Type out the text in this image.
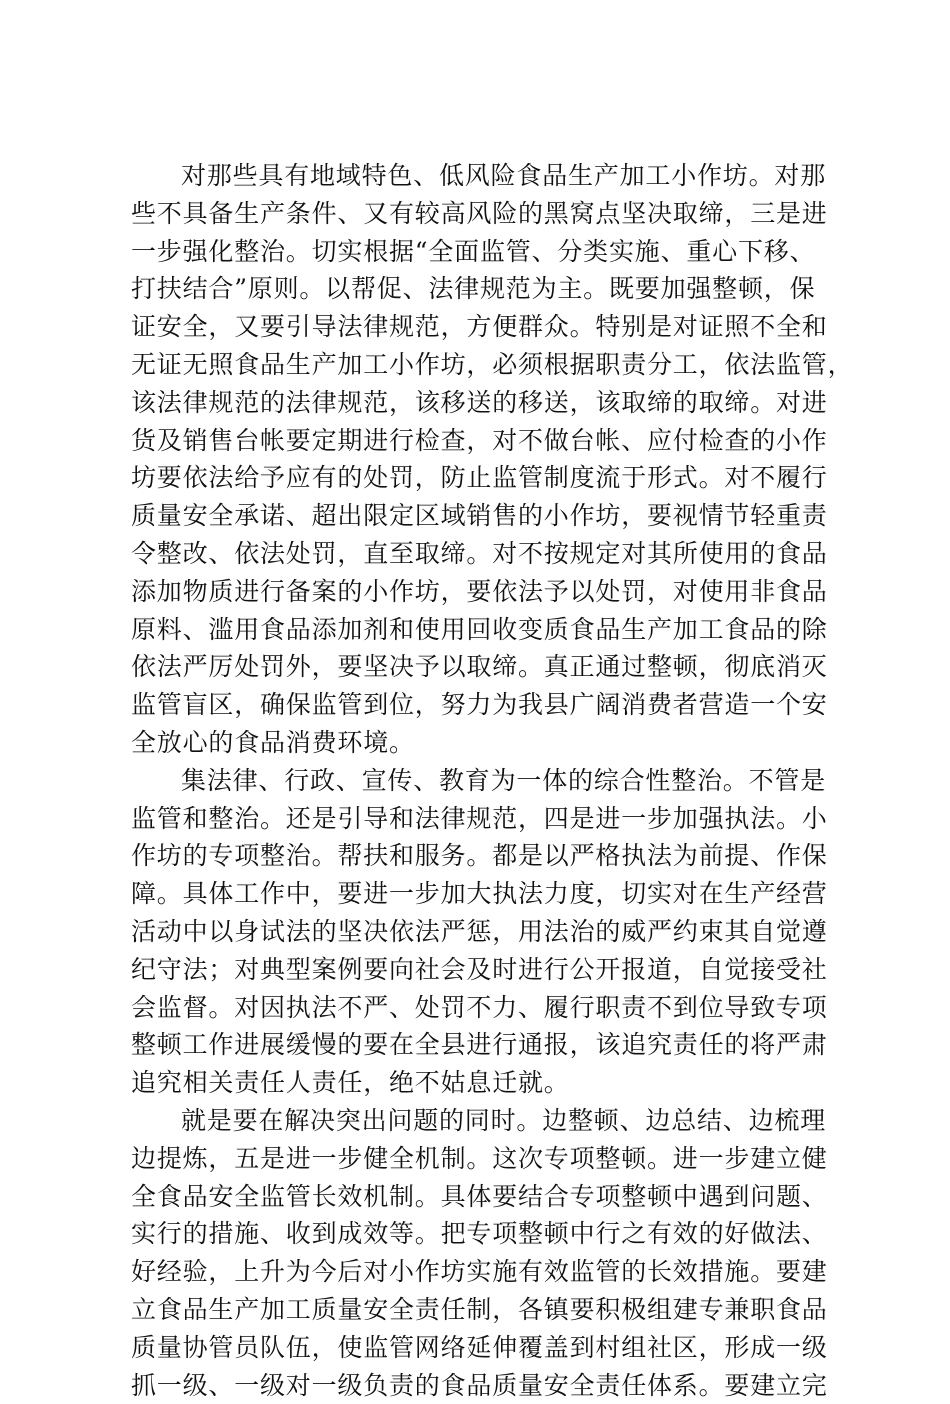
对那些具有地域特色、低风险食品生产加工小作坊。对那
些不具备生产条件、又有较高风险的黑窝点坚决取缔，三是进
一步强化整治。切实根据“全面监管、分类实施、重心下移、
打扶结合”原则。以帮促、法律规范为主。既要加强整顿，保
证安全，又要引导法律规范，方便群众。特别是对证照不全和
无证无照食品生产加工小作坊，必须根据职责分工，依法监管，
该法律规范的法律规范，该移送的移送，该取缔的取缔。对进
货及销售台帐要定期进行检查，对不做台帐、应付检查的小作
坊要依法给予应有的处罚，防止监管制度流于形式。对不履行
质量安全承诺、超出限定区域销售的小作坊，要视情节轻重责
令整改、依法处罚，直至取缔。对不按规定对其所使用的食品
添加物质进行备案的小作坊，要依法予以处罚，对使用非食品
原料、滥用食品添加剂和使用回收变质食品生产加工食品的除
依法严厉处罚外，要坚决予以取缔。真正通过整顿，彻底消灭
监管盲区，确保监管到位，努力为我县广阔消费者营造一个安
全放心的食品消费环境。
集法律、行政、宣传、教育为一体的综合性整治。不管是
监管和整治。还是引导和法律规范，四是进一步加强执法。小
作坊的专项整治。帮扶和服务。都是以严格执法为前提、作保
障。具体工作中，要进一步加大执法力度，切实对在生产经营
活动中以身试法的坚决依法严惩，用法治的威严约束其自觉遵
纪守法；对典型案例要向社会及时进行公开报道，自觉接受社
会监督。对因执法不严、处罚不力、履行职责不到位导致专项
整顿工作进展缓慢的要在全县进行通报，该追究责任的将严肃
追究相关责任人责任，绝不姑息迁就。
就是要在解决突出问题的同时。边整顿、边总结、边梳理
边提炼，五是进一步健全机制。这次专项整顿。进一步建立健
全食品安全监管长效机制。具体要结合专项整顿中遇到问题、
实行的措施、收到成效等。把专项整顿中行之有效的好做法、
好经验，上升为今后对小作坊实施有效监管的长效措施。要建
立食品生产加工质量安全责任制，各镇要积极组建专兼职食品
质量协管员队伍，使监管网络延伸覆盖到村组社区，形成一级
抓一级、一级对一级负责的食品质量安全责任体系。要建立完
